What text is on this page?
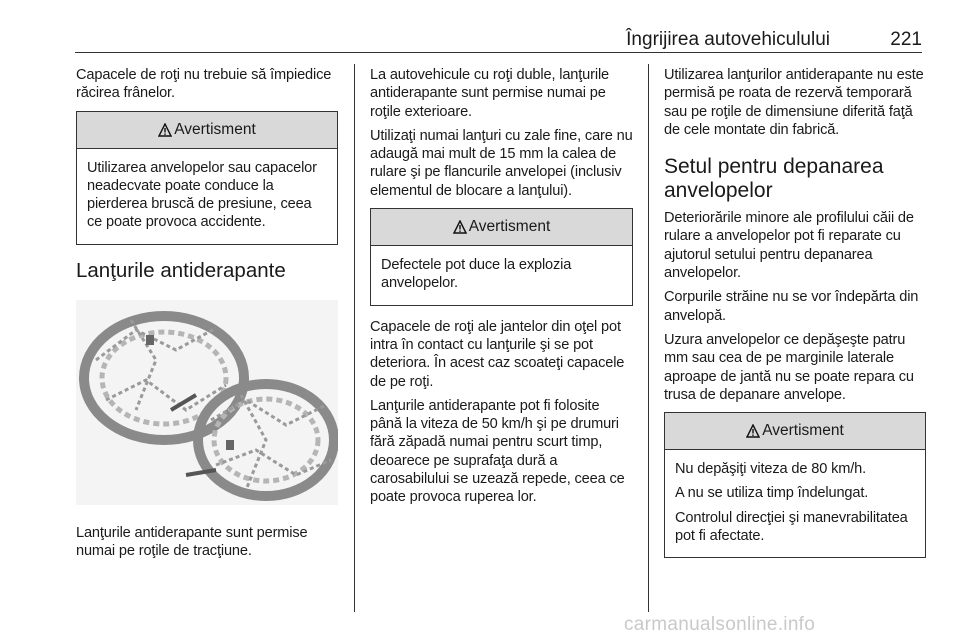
Îngrijirea autovehiculului	221

Capacele de roţi nu trebuie să împiedice răcirea frânelor.

Avertisment

Utilizarea anvelopelor sau capacelor neadecvate poate conduce la pierderea bruscă de presiune, ceea ce poate provoca accidente.

Lanţurile antiderapante

Lanţurile antiderapante sunt permise numai pe roţile de tracţiune.

La autovehicule cu roţi duble, lanţurile antiderapante sunt permise numai pe roţile exterioare.

Utilizaţi numai lanţuri cu zale fine, care nu adaugă mai mult de 15 mm la calea de rulare şi pe flancurile anvelopei (inclusiv elementul de blocare a lanţului).

Avertisment

Defectele pot duce la explozia anvelopelor.

Capacele de roţi ale jantelor din oţel pot intra în contact cu lanţurile şi se pot deteriora. În acest caz scoateţi capacele de pe roţi.

Lanţurile antiderapante pot fi folosite până la viteza de 50 km/h şi pe drumuri fără zăpadă numai pentru scurt timp, deoarece pe suprafaţa dură a carosabilului se uzează repede, ceea ce poate provoca ruperea lor.

Utilizarea lanţurilor antiderapante nu este permisă pe roata de rezervă temporară sau pe roţile de dimensiune diferită faţă de cele montate din fabrică.

Setul pentru depanarea anvelopelor

Deteriorările minore ale profilului căii de rulare a anvelopelor pot fi reparate cu ajutorul setului pentru depanarea anvelopelor.

Corpurile străine nu se vor îndepărta din anvelopă.

Uzura anvelopelor ce depăşeşte patru mm sau cea de pe marginile laterale aproape de jantă nu se poate repara cu trusa de depanare anvelope.

Avertisment

Nu depăşiţi viteza de 80 km/h.

A nu se utiliza timp îndelungat.

Controlul direcţiei şi manevrabilitatea pot fi afectate.

carmanualsonline.info
